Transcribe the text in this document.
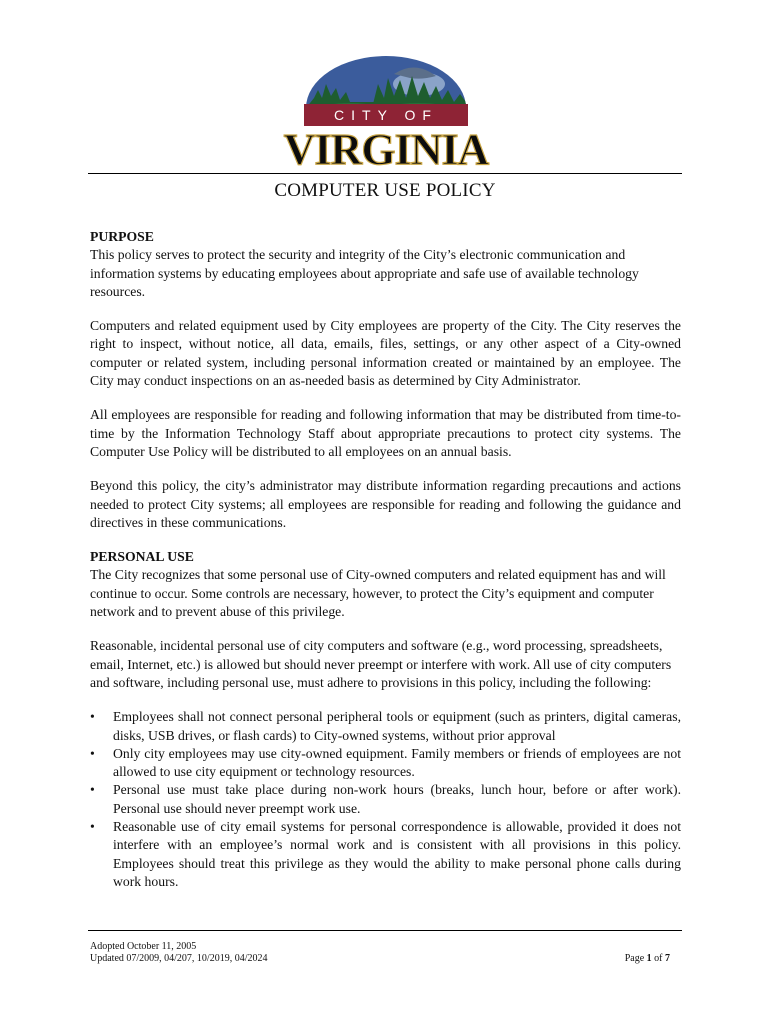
CITY OF
VIRGINIA
COMPUTER USE POLICY
PURPOSE

This policy serves to protect the security and integrity of the City’s electronic communication and information systems by educating employees about appropriate and safe use of available technology resources.

Computers and related equipment used by City employees are property of the City. The City reserves the right to inspect, without notice, all data, emails, files, settings, or any other aspect of a City-owned computer or related system, including personal information created or maintained by an employee. The City may conduct inspections on an as-needed basis as determined by City Administrator.

All employees are responsible for reading and following information that may be distributed from time-to-time by the Information Technology Staff about appropriate precautions to protect city systems. The Computer Use Policy will be distributed to all employees on an annual basis.

Beyond this policy, the city’s administrator may distribute information regarding precautions and actions needed to protect City systems; all employees are responsible for reading and following the guidance and directives in these communications.

PERSONAL USE

The City recognizes that some personal use of City-owned computers and related equipment has and will continue to occur. Some controls are necessary, however, to protect the City’s equipment and computer network and to prevent abuse of this privilege.

Reasonable, incidental personal use of city computers and software (e.g., word processing, spreadsheets, email, Internet, etc.) is allowed but should never preempt or interfere with work. All use of city computers and software, including personal use, must adhere to provisions in this policy, including the following:

• Employees shall not connect personal peripheral tools or equipment (such as printers, digital cameras, disks, USB drives, or flash cards) to City-owned systems, without prior approval
• Only city employees may use city-owned equipment. Family members or friends of employees are not allowed to use city equipment or technology resources.
• Personal use must take place during non-work hours (breaks, lunch hour, before or after work). Personal use should never preempt work use.
• Reasonable use of city email systems for personal correspondence is allowable, provided it does not interfere with an employee’s normal work and is consistent with all provisions in this policy. Employees should treat this privilege as they would the ability to make personal phone calls during work hours.
Adopted October 11, 2005
Updated 07/2009, 04/207, 10/2019, 04/2024	Page 1 of 7
